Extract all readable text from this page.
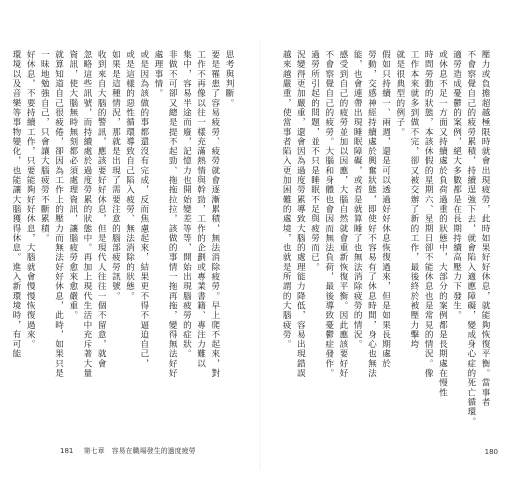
思考與判斷。
要是罹患了容易疲勞、疲勞就會逐漸累積，無法消除疲勞。早上爬不起來，對
工作不再像以往一樣充滿熱情與幹勁，工作的企劃或專業書籍、專注力難以
集中，容易半途而廢，記憶力也開始變差等等，開始出現腦疲勞的症狀。
非做不可卻又總是提不起勁、拖拖拉拉，該做的事情一拖再拖，變得無法好好
處理事情。
或是因為該做的事都還沒有完成，反而焦慮起來，結果更不得不逼迫自己，
或是這樣的惡性循環導致自己陷入疲勞、無法消除的狀態。
如果是這種情況，那就是出現了需要注意的腦部疲勞訊號。
收到來自大腦的警訊，應該要好好休息，但是現代人往往一個不留意，就會
忽略這些訊號，而持續處於過度勞累的狀態中。再加上現代生活中充斥著大量
資訊，使大腦無時無刻都必須處理資訊，讓腦疲勞愈來愈嚴重。
就算知道自己很疲倦，卻因為工作上的壓力而無法好好休息，此時，如果只是
一昧地勉強自己，只會讓大腦疲勞不斷累積。
好休息，不要持續工作，只要能夠好好休息，大腦就會慢慢恢復過來。
環境以及音樂等事物變化，也能讓大腦獲得休息。進入新環境時，有可能
181 第七章　容易在職場發生的過度疲勞
壓力或負擔超越極限時就會出現疲勞，此時如果好好休息，就能夠恢復平衡。當事者
不會察覺自己的疲勞累積，持續逞強下去，就會陷入適應障礙，變成身心症的死亡循環。
適勞造成憂鬱的案例，絕大多數都是在長期持續高壓力下發生。
或休息不足一方面又持續處於負荷過重的狀態中，大部分的案例都是長期處在慢性
時間勞動的狀態，本該休假的星期六、星期日卻不能休息也是常見的情況。像
工作本來就多到做不完，卻又被交辦了新的工作，最後終於被壓力擊垮
就是很典型的例子。
假如只持續一、兩週，還是可以透過好好休息恢復過來，但是如果長期處於
勞動，交感神經持續處於興奮狀態，即使好不容易有了休息時間，身心也無法
能，也會連帶出現睡眠障礙，或者是就算睡了也無法消除疲勞的情況。
感受到自己的疲勞並加以因應，大腦自然就會重新恢復平衡。因此應該要好好
不會察覺自己的疲勞。大腦和身體也會因而無法負荷，最後導致憂鬱症發作。
過勞所引起的問題，並不只是睡眠不足與疲勞而已。
況變得更加嚴重，還會因為過度勞累導致大腦的處理能力降低，容易出現錯誤
越來越嚴重，使當事者陷入更加困難的處境，也就是所謂的大腦疲勞。
180
